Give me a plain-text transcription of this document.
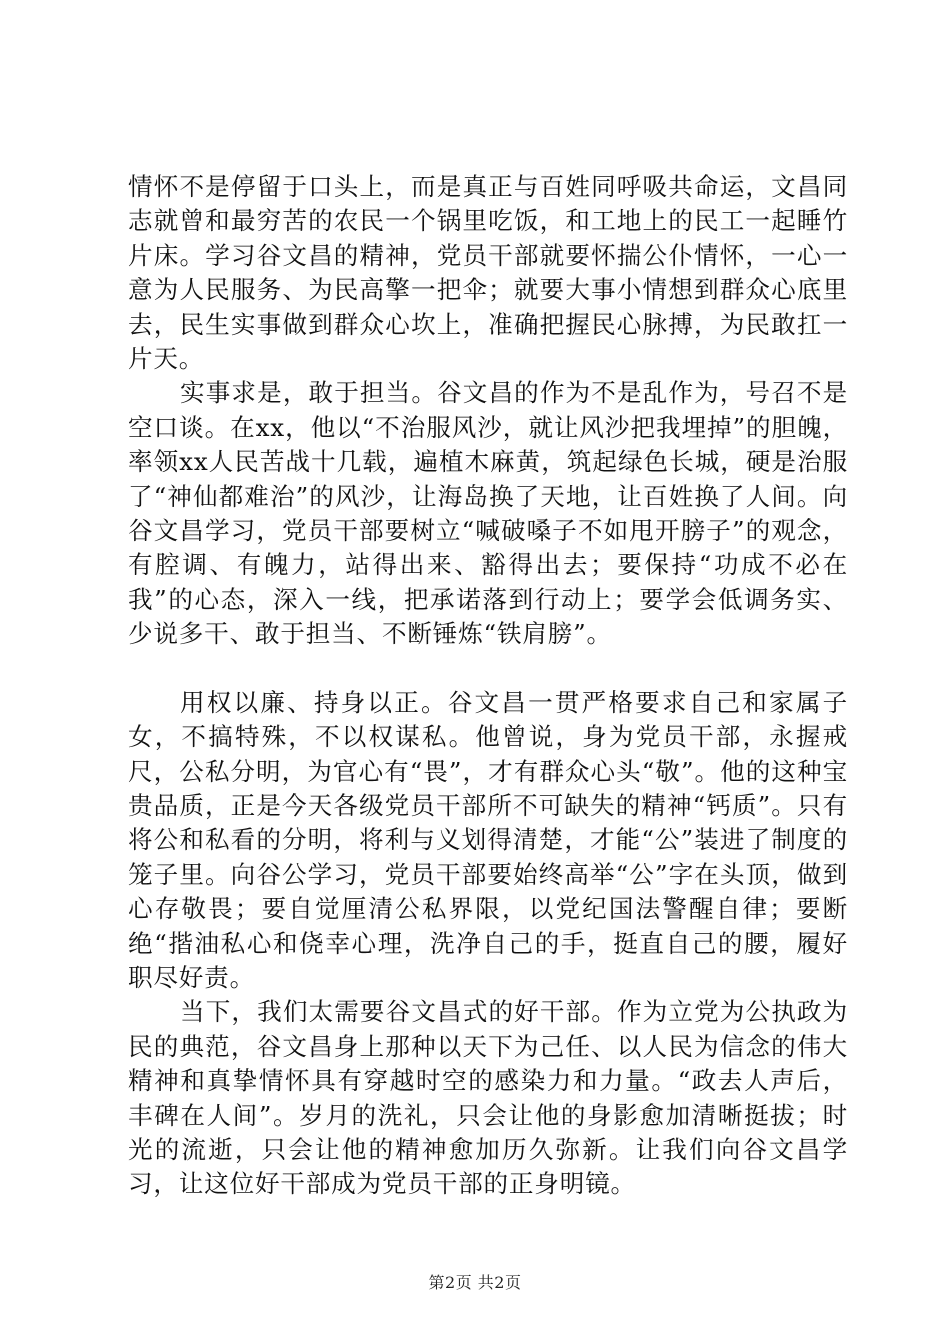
情怀不是停留于口头上，而是真正与百姓同呼吸共命运，文昌同志就曾和最穷苦的农民一个锅里吃饭，和工地上的民工一起睡竹片床。学习谷文昌的精神，党员干部就要怀揣公仆情怀，一心一意为人民服务、为民高擎一把伞；就要大事小情想到群众心底里去，民生实事做到群众心坎上，准确把握民心脉搏，为民敢扛一片天。

实事求是，敢于担当。谷文昌的作为不是乱作为，号召不是空口谈。在xx，他以“不治服风沙，就让风沙把我埋掉”的胆魄，率领xx人民苦战十几载，遍植木麻黄，筑起绿色长城，硬是治服了“神仙都难治”的风沙，让海岛换了天地，让百姓换了人间。向谷文昌学习，党员干部要树立“喊破嗓子不如甩开膀子”的观念，有腔调、有魄力，站得出来、豁得出去；要保持“功成不必在我”的心态，深入一线，把承诺落到行动上；要学会低调务实、少说多干、敢于担当、不断锤炼“铁肩膀”。

用权以廉、持身以正。谷文昌一贯严格要求自己和家属子女，不搞特殊，不以权谋私。他曾说，身为党员干部，永握戒尺，公私分明，为官心有“畏”，才有群众心头“敬”。他的这种宝贵品质，正是今天各级党员干部所不可缺失的精神“钙质”。只有将公和私看的分明，将利与义划得清楚，才能“公”装进了制度的笼子里。向谷公学习，党员干部要始终高举“公”字在头顶，做到心存敬畏；要自觉厘清公私界限，以党纪国法警醒自律；要断绝“揩油私心和侥幸心理，洗净自己的手，挺直自己的腰，履好职尽好责。

当下，我们太需要谷文昌式的好干部。作为立党为公执政为民的典范，谷文昌身上那种以天下为己任、以人民为信念的伟大精神和真挚情怀具有穿越时空的感染力和力量。“政去人声后，丰碑在人间”。岁月的洗礼，只会让他的身影愈加清晰挺拔；时光的流逝，只会让他的精神愈加历久弥新。让我们向谷文昌学习，让这位好干部成为党员干部的正身明镜。

第2页 共2页
